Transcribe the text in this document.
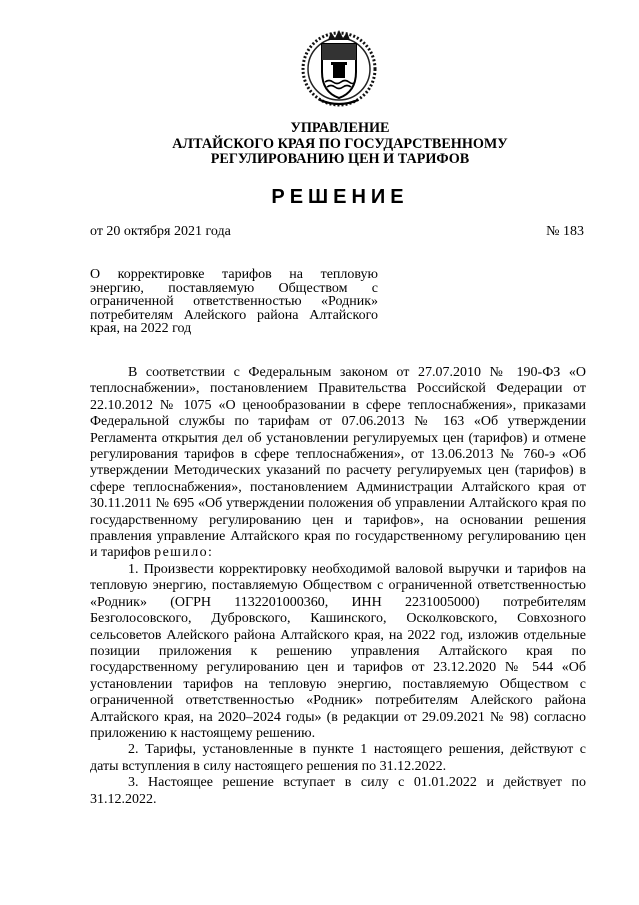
УПРАВЛЕНИЕ
АЛТАЙСКОГО КРАЯ ПО ГОСУДАРСТВЕННОМУ
РЕГУЛИРОВАНИЮ ЦЕН И ТАРИФОВ
РЕШЕНИЕ
от 20 октября 2021 года	№ 183
О корректировке тарифов на тепловую энергию, поставляемую Обществом с ограниченной ответственностью «Родник» потребителям Алейского района Алтайского края, на 2022 год

В соответствии с Федеральным законом от 27.07.2010 № 190-ФЗ «О теплоснабжении», постановлением Правительства Российской Федерации от 22.10.2012 № 1075 «О ценообразовании в сфере теплоснабжения», приказами Федеральной службы по тарифам от 07.06.2013 № 163 «Об утверждении Регламента открытия дел об установлении регулируемых цен (тарифов) и отмене регулирования тарифов в сфере теплоснабжения», от 13.06.2013 № 760-э «Об утверждении Методических указаний по расчету регулируемых цен (тарифов) в сфере теплоснабжения», постановлением Администрации Алтайского края от 30.11.2011 № 695 «Об утверждении положения об управлении Алтайского края по государственному регулированию цен и тарифов», на основании решения правления управление Алтайского края по государственному регулированию цен и тарифов решило:

1. Произвести корректировку необходимой валовой выручки и тарифов на тепловую энергию, поставляемую Обществом с ограниченной ответственностью «Родник» (ОГРН 1132201000360, ИНН 2231005000) потребителям Безголосовского, Дубровского, Кашинского, Осколковского, Совхозного сельсоветов Алейского района Алтайского края, на 2022 год, изложив отдельные позиции приложения к решению управления Алтайского края по государственному регулированию цен и тарифов от 23.12.2020 № 544 «Об установлении тарифов на тепловую энергию, поставляемую Обществом с ограниченной ответственностью «Родник» потребителям Алейского района Алтайского края, на 2020–2024 годы» (в редакции от 29.09.2021 № 98) согласно приложению к настоящему решению.

2. Тарифы, установленные в пункте 1 настоящего решения, действуют с даты вступления в силу настоящего решения по 31.12.2022.

3. Настоящее решение вступает в силу с 01.01.2022 и действует по 31.12.2022.
